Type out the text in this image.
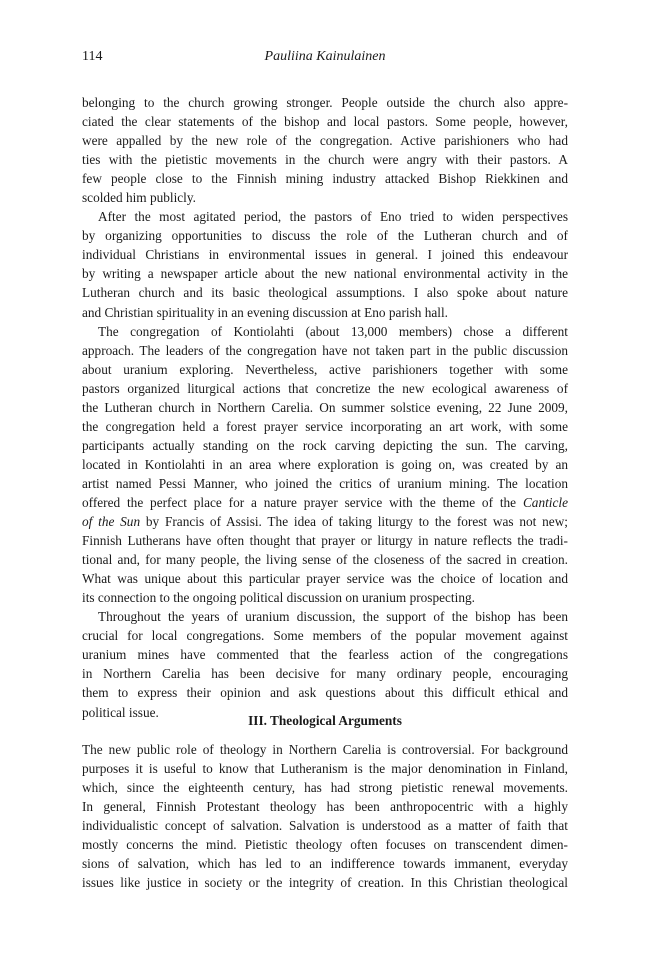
114	Pauliina Kainulainen
belonging to the church growing stronger. People outside the church also appre-
ciated the clear statements of the bishop and local pastors. Some people, however,
were appalled by the new role of the congregation. Active parishioners who had
ties with the pietistic movements in the church were angry with their pastors. A
few people close to the Finnish mining industry attacked Bishop Riekkinen and
scolded him publicly.
After the most agitated period, the pastors of Eno tried to widen perspectives
by organizing opportunities to discuss the role of the Lutheran church and of
individual Christians in environmental issues in general. I joined this endeavour
by writing a newspaper article about the new national environmental activity in the
Lutheran church and its basic theological assumptions. I also spoke about nature
and Christian spirituality in an evening discussion at Eno parish hall.
The congregation of Kontiolahti (about 13,000 members) chose a different
approach. The leaders of the congregation have not taken part in the public discussion
about uranium exploring. Nevertheless, active parishioners together with some
pastors organized liturgical actions that concretize the new ecological awareness of
the Lutheran church in Northern Carelia. On summer solstice evening, 22 June 2009,
the congregation held a forest prayer service incorporating an art work, with some
participants actually standing on the rock carving depicting the sun. The carving,
located in Kontiolahti in an area where exploration is going on, was created by an
artist named Pessi Manner, who joined the critics of uranium mining. The location
offered the perfect place for a nature prayer service with the theme of the Canticle
of the Sun by Francis of Assisi. The idea of taking liturgy to the forest was not new;
Finnish Lutherans have often thought that prayer or liturgy in nature reflects the tradi-
tional and, for many people, the living sense of the closeness of the sacred in creation.
What was unique about this particular prayer service was the choice of location and
its connection to the ongoing political discussion on uranium prospecting.
Throughout the years of uranium discussion, the support of the bishop has been
crucial for local congregations. Some members of the popular movement against
uranium mines have commented that the fearless action of the congregations
in Northern Carelia has been decisive for many ordinary people, encouraging
them to express their opinion and ask questions about this difficult ethical and
political issue.
III. Theological Arguments
The new public role of theology in Northern Carelia is controversial. For background
purposes it is useful to know that Lutheranism is the major denomination in Finland,
which, since the eighteenth century, has had strong pietistic renewal movements.
In general, Finnish Protestant theology has been anthropocentric with a highly
individualistic concept of salvation. Salvation is understood as a matter of faith that
mostly concerns the mind. Pietistic theology often focuses on transcendent dimen-
sions of salvation, which has led to an indifference towards immanent, everyday
issues like justice in society or the integrity of creation. In this Christian theological
